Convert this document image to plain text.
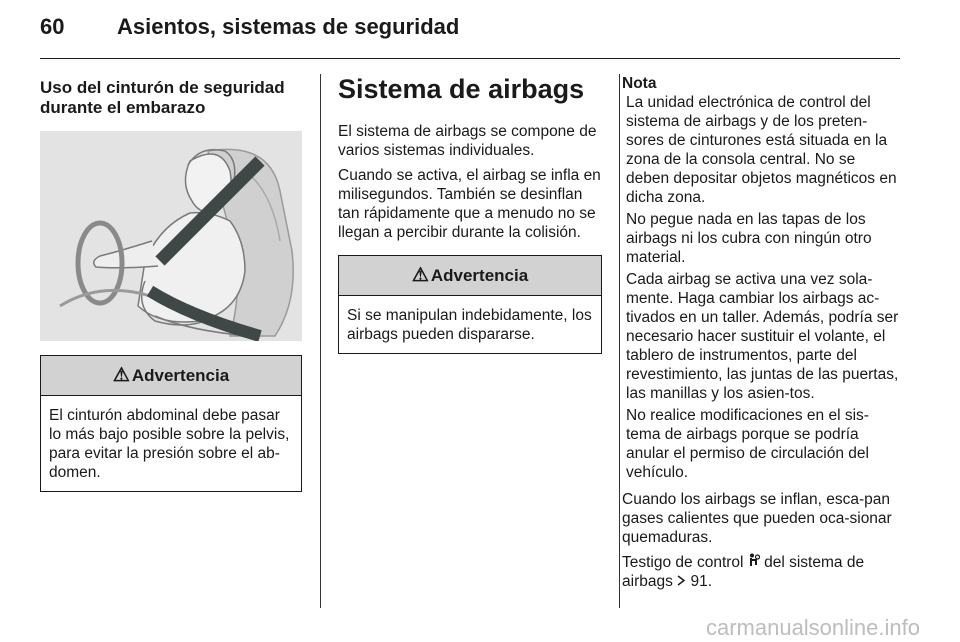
60 Asientos, sistemas de seguridad
Uso del cinturón de seguridad
durante el embarazo
⚠ Advertencia
El cinturón abdominal debe pasar lo más bajo posible sobre la pelvis, para evitar la presión sobre el ab-domen.
Sistema de airbags

El sistema de airbags se compone de varios sistemas individuales.

Cuando se activa, el airbag se infla en milisegundos. También se desinflan tan rápidamente que a menudo no se llegan a percibir durante la colisión.

⚠ Advertencia
Si se manipulan indebidamente, los airbags pueden dispararse.
Nota

La unidad electrónica de control del sistema de airbags y de los preten-sores de cinturones está situada en la zona de la consola central. No se deben depositar objetos magnéticos en dicha zona.

No pegue nada en las tapas de los airbags ni los cubra con ningún otro material.

Cada airbag se activa una vez sola-mente. Haga cambiar los airbags ac-tivados en un taller. Además, podría ser necesario hacer sustituir el volante, el tablero de instrumentos, parte del revestimiento, las juntas de las puertas, las manillas y los asien-tos.

No realice modificaciones en el sis-tema de airbags porque se podría anular el permiso de circulación del vehículo.

Cuando los airbags se inflan, esca-pan gases calientes que pueden oca-sionar quemaduras.

Testigo de control del sistema de airbags 91.

carmanualsonline.info
